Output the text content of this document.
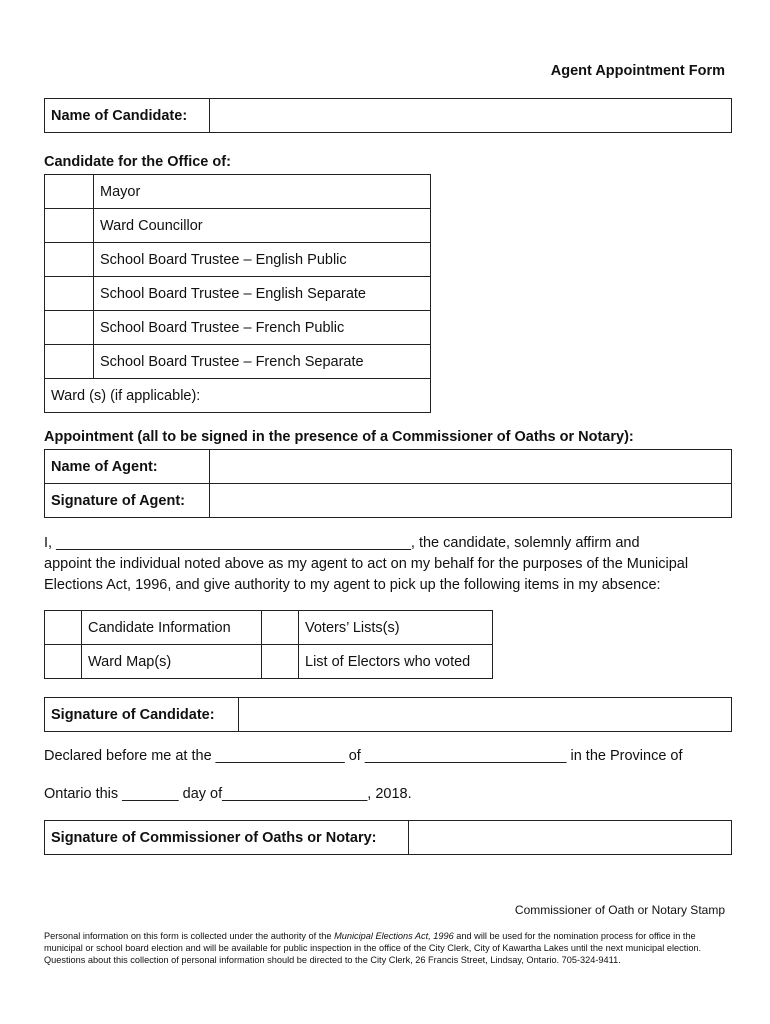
Agent Appointment Form
Name of Candidate:	
Candidate for the Office of:
	Mayor
	Ward Councillor
	School Board Trustee – English Public
	School Board Trustee – English Separate
	School Board Trustee – French Public
	School Board Trustee – French Separate
Ward (s) (if applicable):	
Appointment (all to be signed in the presence of a Commissioner of Oaths or Notary):
Name of Agent:	
Signature of Agent:	
I, ____________________________________________, the candidate, solemnly affirm and
appoint the individual noted above as my agent to act on my behalf for the purposes of the Municipal
Elections Act, 1996, and give authority to my agent to pick up the following items in my absence:
	Candidate Information		Voters’ Lists(s)
	Ward Map(s)		List of Electors who voted
Signature of Candidate:	
Declared before me at the ________________ of _________________________ in the Province of
Ontario this _______ day of__________________, 2018.
Signature of Commissioner of Oaths or Notary:	
Commissioner of Oath or Notary Stamp
Personal information on this form is collected under the authority of the Municipal Elections Act, 1996 and will be used for the nomination process for office in the municipal or school board election and will be available for public inspection in the office of the City Clerk, City of Kawartha Lakes until the next municipal election. Questions about this collection of personal information should be directed to the City Clerk, 26 Francis Street, Lindsay, Ontario. 705-324-9411.
